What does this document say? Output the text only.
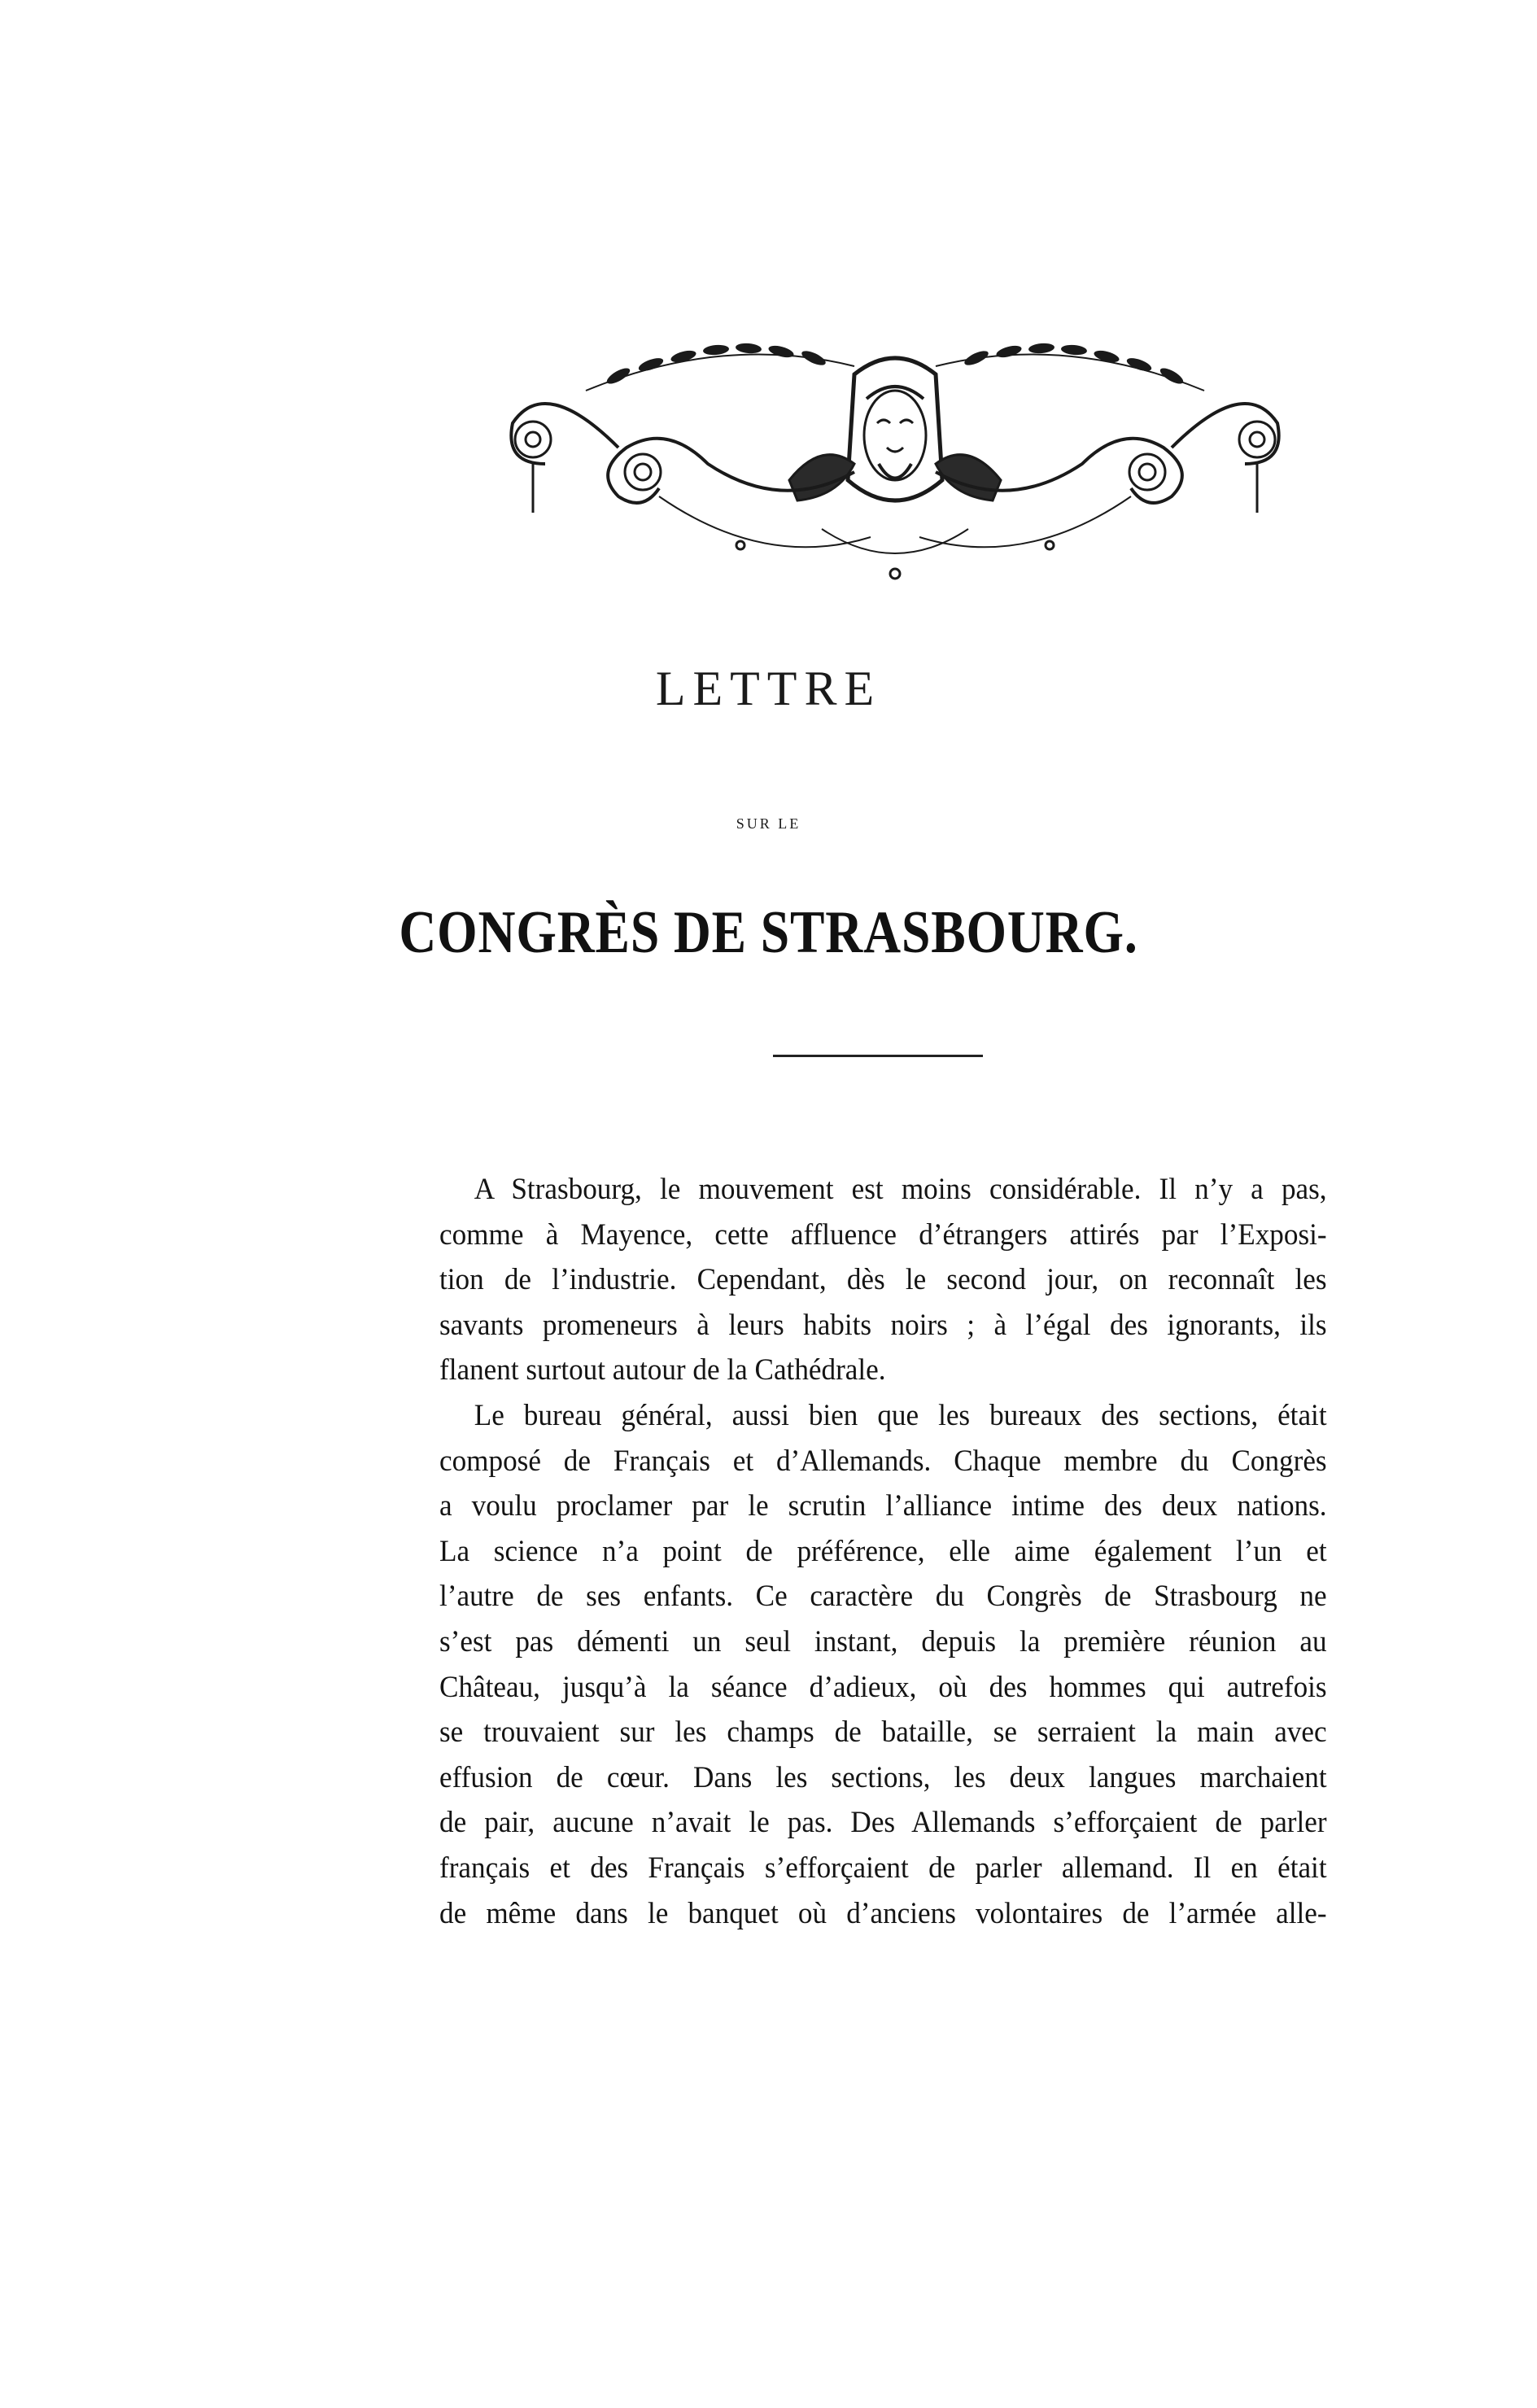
LETTRE
SUR LE
CONGRÈS DE STRASBOURG.

A Strasbourg, le mouvement est moins considérable. Il n’y a pas,
comme à Mayence, cette affluence d’étrangers attirés par l’Exposi-
tion de l’industrie. Cependant, dès le second jour, on reconnaît les
savants promeneurs à leurs habits noirs ; à l’égal des ignorants, ils
flanent surtout autour de la Cathédrale.

Le bureau général, aussi bien que les bureaux des sections, était
composé de Français et d’Allemands. Chaque membre du Congrès
a voulu proclamer par le scrutin l’alliance intime des deux nations.
La science n’a point de préférence, elle aime également l’un et
l’autre de ses enfants. Ce caractère du Congrès de Strasbourg ne
s’est pas démenti un seul instant, depuis la première réunion au
Château, jusqu’à la séance d’adieux, où des hommes qui autrefois
se trouvaient sur les champs de bataille, se serraient la main avec
effusion de cœur. Dans les sections, les deux langues marchaient
de pair, aucune n’avait le pas. Des Allemands s’efforçaient de parler
français et des Français s’efforçaient de parler allemand. Il en était
de même dans le banquet où d’anciens volontaires de l’armée alle-
